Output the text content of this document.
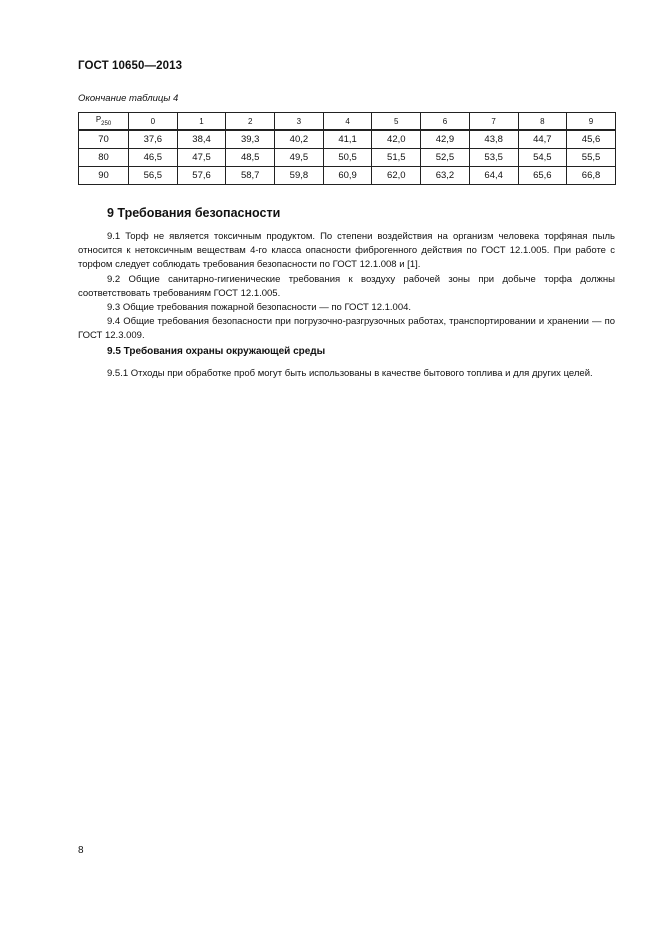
ГОСТ 10650—2013
Окончание таблицы 4
$P_{250}$	0	1	2	3	4	5	6	7	8	9
70	37,6	38,4	39,3	40,2	41,1	42,0	42,9	43,8	44,7	45,6
80	46,5	47,5	48,5	49,5	50,5	51,5	52,5	53,5	54,5	55,5
90	56,5	57,6	58,7	59,8	60,9	62,0	63,2	64,4	65,6	66,8
9 Требования безопасности

9.1 Торф не является токсичным продуктом. По степени воздействия на организм человека торфяная пыль относится к нетоксичным веществам 4-го класса опасности фиброгенного действия по ГОСТ 12.1.005. При работе с торфом следует соблюдать требования безопасности по ГОСТ 12.1.008 и [1].

9.2 Общие санитарно-гигиенические требования к воздуху рабочей зоны при добыче торфа должны соответствовать требованиям ГОСТ 12.1.005.

9.3 Общие требования пожарной безопасности — по ГОСТ 12.1.004.

9.4 Общие требования безопасности при погрузочно-разгрузочных работах, транспортировании и хранении — по ГОСТ 12.3.009.

9.5 Требования охраны окружающей среды

9.5.1 Отходы при обработке проб могут быть использованы в качестве бытового топлива и для других целей.

8
